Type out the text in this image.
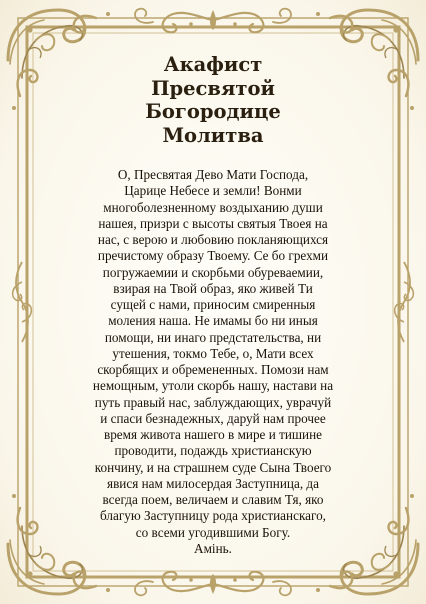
Акафист
Пресвятой
Богородице
Молитва
О, Пресвятая Дево Мати Господа,
Царице Небесе и земли! Вонми
многоболезненному воздыханию души
нашея, призри с высоты святыя Твоея на
нас, с верою и любовию покланяющихся
пречистому образу Твоему. Се бо грехми
погружаемии и скорбьми обуреваемии,
взирая на Твой образ, яко живей Ти
сущей с нами, приносим смиренныя
моления наша. Не имамы бо ни иныя
помощи, ни инаго предстательства, ни
утешения, токмо Тебе, о, Мати всех
скорбящих и обремененных. Помози нам
немощным, утоли скорбь нашу, настави на
путь правый нас, заблуждающих, уврачуй
и спаси безнадежных, даруй нам прочее
время живота нашего в мире и тишине
проводити, подаждь христианскую
кончину, и на страшнем суде Сына Твоего
явися нам милосердая Заступница, да
всегда поем, величаем и славим Тя, яко
благую Заступницу рода христианскаго,
со всеми угодившими Богу.
Амінь.
